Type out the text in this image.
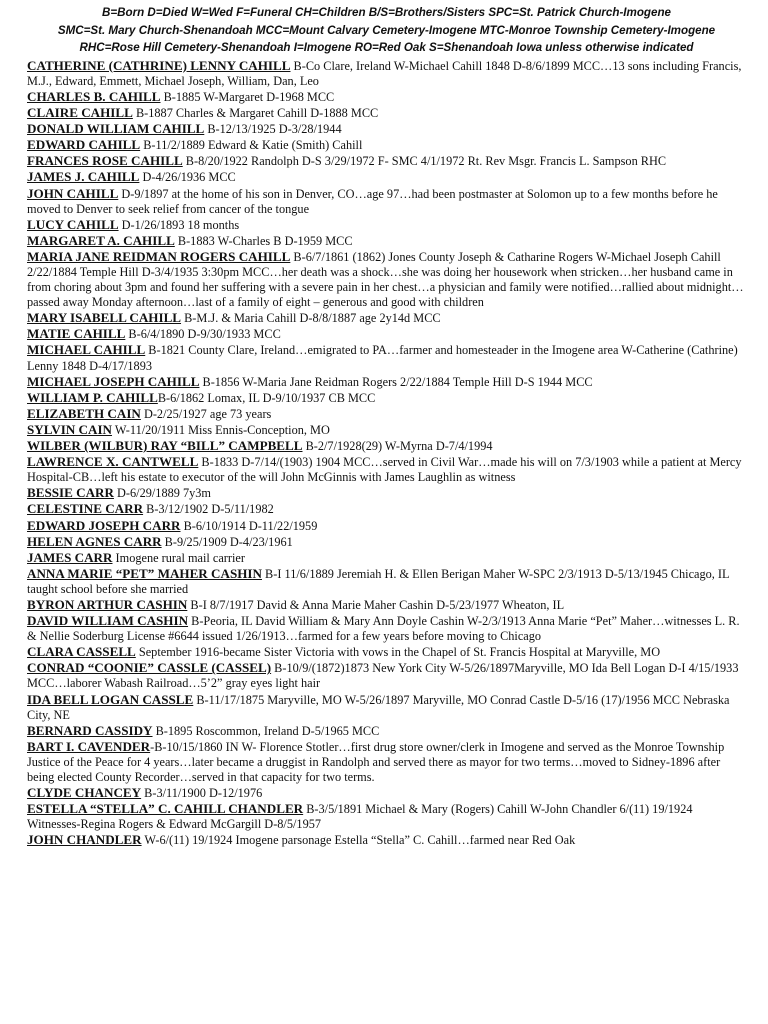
B=Born D=Died W=Wed F=Funeral CH=Children B/S=Brothers/Sisters SPC=St. Patrick Church-Imogene
SMC=St. Mary Church-Shenandoah MCC=Mount Calvary Cemetery-Imogene MTC-Monroe Township Cemetery-Imogene
RHC=Rose Hill Cemetery-Shenandoah I=Imogene RO=Red Oak S=Shenandoah Iowa unless otherwise indicated
CATHERINE (CATHRINE) LENNY CAHILL B-Co Clare, Ireland W-Michael Cahill 1848 D-8/6/1899 MCC…13 sons including Francis, M.J., Edward, Emmett, Michael Joseph, William, Dan, Leo
CHARLES B. CAHILL B-1885 W-Margaret D-1968 MCC
CLAIRE CAHILL B-1887 Charles & Margaret Cahill D-1888 MCC
DONALD WILLIAM CAHILL B-12/13/1925 D-3/28/1944
EDWARD CAHILL B-11/2/1889 Edward & Katie (Smith) Cahill
FRANCES ROSE CAHILL B-8/20/1922 Randolph D-S 3/29/1972 F- SMC 4/1/1972 Rt. Rev Msgr. Francis L. Sampson RHC
JAMES J. CAHILL D-4/26/1936 MCC
JOHN CAHILL D-9/1897 at the home of his son in Denver, CO…age 97…had been postmaster at Solomon up to a few months before he moved to Denver to seek relief from cancer of the tongue
LUCY CAHILL D-1/26/1893 18 months
MARGARET A. CAHILL B-1883 W-Charles B D-1959 MCC
MARIA JANE REIDMAN ROGERS CAHILL B-6/7/1861 (1862) Jones County Joseph & Catharine Rogers W-Michael Joseph Cahill 2/22/1884 Temple Hill D-3/4/1935 3:30pm MCC…her death was a shock…she was doing her housework when stricken…her husband came in from choring about 3pm and found her suffering with a severe pain in her chest…a physician and family were notified…rallied about midnight…passed away Monday afternoon…last of a family of eight – generous and good with children
MARY ISABELL CAHILL B-M.J. & Maria Cahill D-8/8/1887 age 2y14d MCC
MATIE CAHILL B-6/4/1890 D-9/30/1933 MCC
MICHAEL CAHILL B-1821 County Clare, Ireland…emigrated to PA…farmer and homesteader in the Imogene area W-Catherine (Cathrine) Lenny 1848 D-4/17/1893
MICHAEL JOSEPH CAHILL B-1856 W-Maria Jane Reidman Rogers 2/22/1884 Temple Hill D-S 1944 MCC
WILLIAM P. CAHILLB-6/1862 Lomax, IL D-9/10/1937 CB MCC
ELIZABETH CAIN D-2/25/1927 age 73 years
SYLVIN CAIN W-11/20/1911 Miss Ennis-Conception, MO
WILBER (WILBUR) RAY “BILL” CAMPBELL B-2/7/1928(29) W-Myrna D-7/4/1994
LAWRENCE X. CANTWELL B-1833 D-7/14/(1903) 1904 MCC…served in Civil War…made his will on 7/3/1903 while a patient at Mercy Hospital-CB…left his estate to executor of the will John McGinnis with James Laughlin as witness
BESSIE CARR D-6/29/1889 7y3m
CELESTINE CARR B-3/12/1902 D-5/11/1982
EDWARD JOSEPH CARR B-6/10/1914 D-11/22/1959
HELEN AGNES CARR B-9/25/1909 D-4/23/1961
JAMES CARR Imogene rural mail carrier
ANNA MARIE “PET” MAHER CASHIN B-I 11/6/1889 Jeremiah H. & Ellen Berigan Maher W-SPC 2/3/1913 D-5/13/1945 Chicago, IL taught school before she married
BYRON ARTHUR CASHIN B-I 8/7/1917 David & Anna Marie Maher Cashin D-5/23/1977 Wheaton, IL
DAVID WILLIAM CASHIN B-Peoria, IL David William & Mary Ann Doyle Cashin W-2/3/1913 Anna Marie “Pet” Maher…witnesses L. R. & Nellie Soderburg License #6644 issued 1/26/1913…farmed for a few years before moving to Chicago
CLARA CASSELL September 1916-became Sister Victoria with vows in the Chapel of St. Francis Hospital at Maryville, MO
CONRAD “COONIE” CASSLE (CASSEL) B-10/9/(1872)1873 New York City W-5/26/1897Maryville, MO Ida Bell Logan D-I 4/15/1933 MCC…laborer Wabash Railroad…5’2” gray eyes light hair
IDA BELL LOGAN CASSLE B-11/17/1875 Maryville, MO W-5/26/1897 Maryville, MO Conrad Castle D-5/16 (17)/1956 MCC Nebraska City, NE
BERNARD CASSIDY B-1895 Roscommon, Ireland D-5/1965 MCC
BART I. CAVENDER-B-10/15/1860 IN W- Florence Stotler…first drug store owner/clerk in Imogene and served as the Monroe Township Justice of the Peace for 4 years…later became a druggist in Randolph and served there as mayor for two terms…moved to Sidney-1896 after being elected County Recorder…served in that capacity for two terms.
CLYDE CHANCEY B-3/11/1900 D-12/1976
ESTELLA “STELLA” C. CAHILL CHANDLER B-3/5/1891 Michael & Mary (Rogers) Cahill W-John Chandler 6/(11) 19/1924 Witnesses-Regina Rogers & Edward McGargill D-8/5/1957
JOHN CHANDLER W-6/(11) 19/1924 Imogene parsonage Estella “Stella” C. Cahill…farmed near Red Oak
